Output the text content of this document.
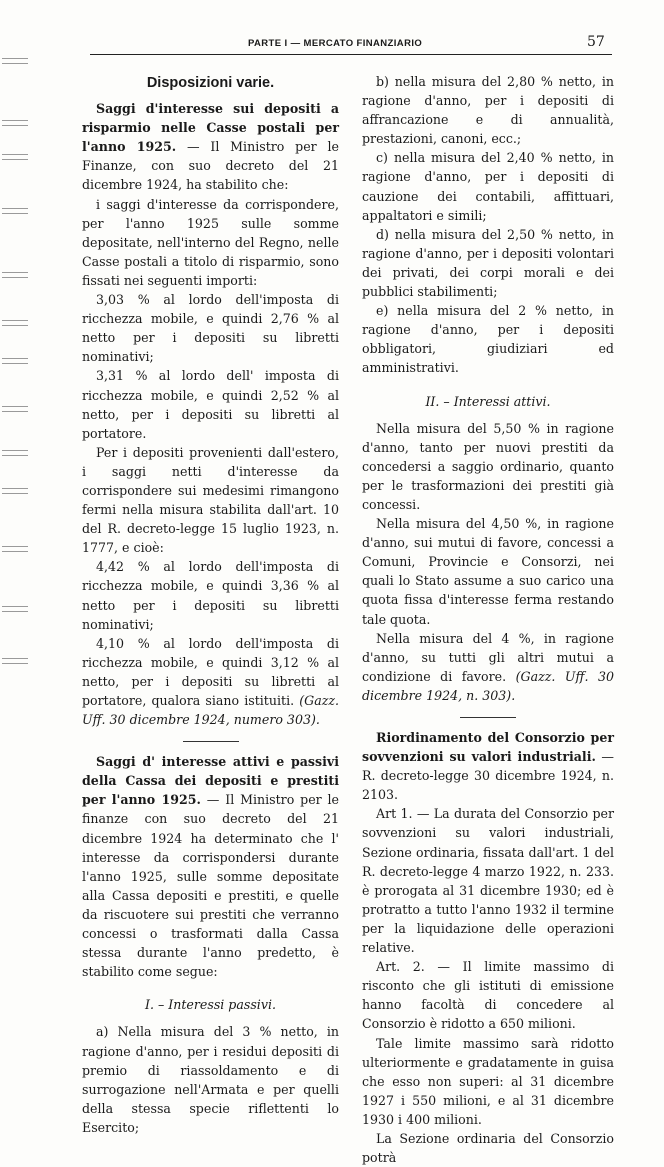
PARTE I — MERCATO FINANZIARIO	57

Disposizioni varie.

Saggi d'interesse sui depositi a risparmio nelle Casse postali per l'anno 1925. — Il Ministro per le Finanze, con suo decreto del 21 dicembre 1924, ha stabilito che:

i saggi d'interesse da corrispondere, per l'anno 1925 sulle somme depositate, nell'interno del Regno, nelle Casse postali a titolo di risparmio, sono fissati nei seguenti importi:

3,03 % al lordo dell'imposta di ricchezza mobile, e quindi 2,76 % al netto per i depositi su libretti nominativi;

3,31 % al lordo dell' imposta di ricchezza mobile, e quindi 2,52 % al netto, per i depositi su libretti al portatore.

Per i depositi provenienti dall'estero, i saggi netti d'interesse da corrispondere sui medesimi rimangono fermi nella misura stabilita dall'art. 10 del R. decreto-legge 15 luglio 1923, n. 1777, e cioè:

4,42 % al lordo dell'imposta di ricchezza mobile, e quindi 3,36 % al netto per i depositi su libretti nominativi;

4,10 % al lordo dell'imposta di ricchezza mobile, e quindi 3,12 % al netto, per i depositi su libretti al portatore, qualora siano istituiti. (Gazz. Uff. 30 dicembre 1924, numero 303).

Saggi d' interesse attivi e passivi della Cassa dei depositi e prestiti per l'anno 1925. — Il Ministro per le finanze con suo decreto del 21 dicembre 1924 ha determinato che l' interesse da corrispondersi durante l'anno 1925, sulle somme depositate alla Cassa depositi e prestiti, e quelle da riscuotere sui prestiti che verranno concessi o trasformati dalla Cassa stessa durante l'anno predetto, è stabilito come segue:

I. – Interessi passivi.

a) Nella misura del 3 % netto, in ragione d'anno, per i residui depositi di premio di riassoldamento e di surrogazione nell'Armata e per quelli della stessa specie riflettenti lo Esercito;

b) nella misura del 2,80 % netto, in ragione d'anno, per i depositi di affrancazione e di annualità, prestazioni, canoni, ecc.;

c) nella misura del 2,40 % netto, in ragione d'anno, per i depositi di cauzione dei contabili, affittuari, appaltatori e simili;

d) nella misura del 2,50 % netto, in ragione d'anno, per i depositi volontari dei privati, dei corpi morali e dei pubblici stabilimenti;

e) nella misura del 2 % netto, in ragione d'anno, per i depositi obbligatori, giudiziari ed amministrativi.

II. – Interessi attivi.

Nella misura del 5,50 % in ragione d'anno, tanto per nuovi prestiti da concedersi a saggio ordinario, quanto per le trasformazioni dei prestiti già concessi.

Nella misura del 4,50 %, in ragione d'anno, sui mutui di favore, concessi a Comuni, Provincie e Consorzi, nei quali lo Stato assume a suo carico una quota fissa d'interesse ferma restando tale quota.

Nella misura del 4 %, in ragione d'anno, su tutti gli altri mutui a condizione di favore. (Gazz. Uff. 30 dicembre 1924, n. 303).

Riordinamento del Consorzio per sovvenzioni su valori industriali. — R. decreto-legge 30 dicembre 1924, n. 2103.

Art 1. — La durata del Consorzio per sovvenzioni su valori industriali, Sezione ordinaria, fissata dall'art. 1 del R. decreto-legge 4 marzo 1922, n. 233. è prorogata al 31 dicembre 1930; ed è protratto a tutto l'anno 1932 il termine per la liquidazione delle operazioni relative.

Art. 2. — Il limite massimo di risconto che gli istituti di emissione hanno facoltà di concedere al Consorzio è ridotto a 650 milioni.

Tale limite massimo sarà ridotto ulteriormente e gradatamente in guisa che esso non superi: al 31 dicembre 1927 i 550 milioni, e al 31 dicembre 1930 i 400 milioni.

La Sezione ordinaria del Consorzio potrà
